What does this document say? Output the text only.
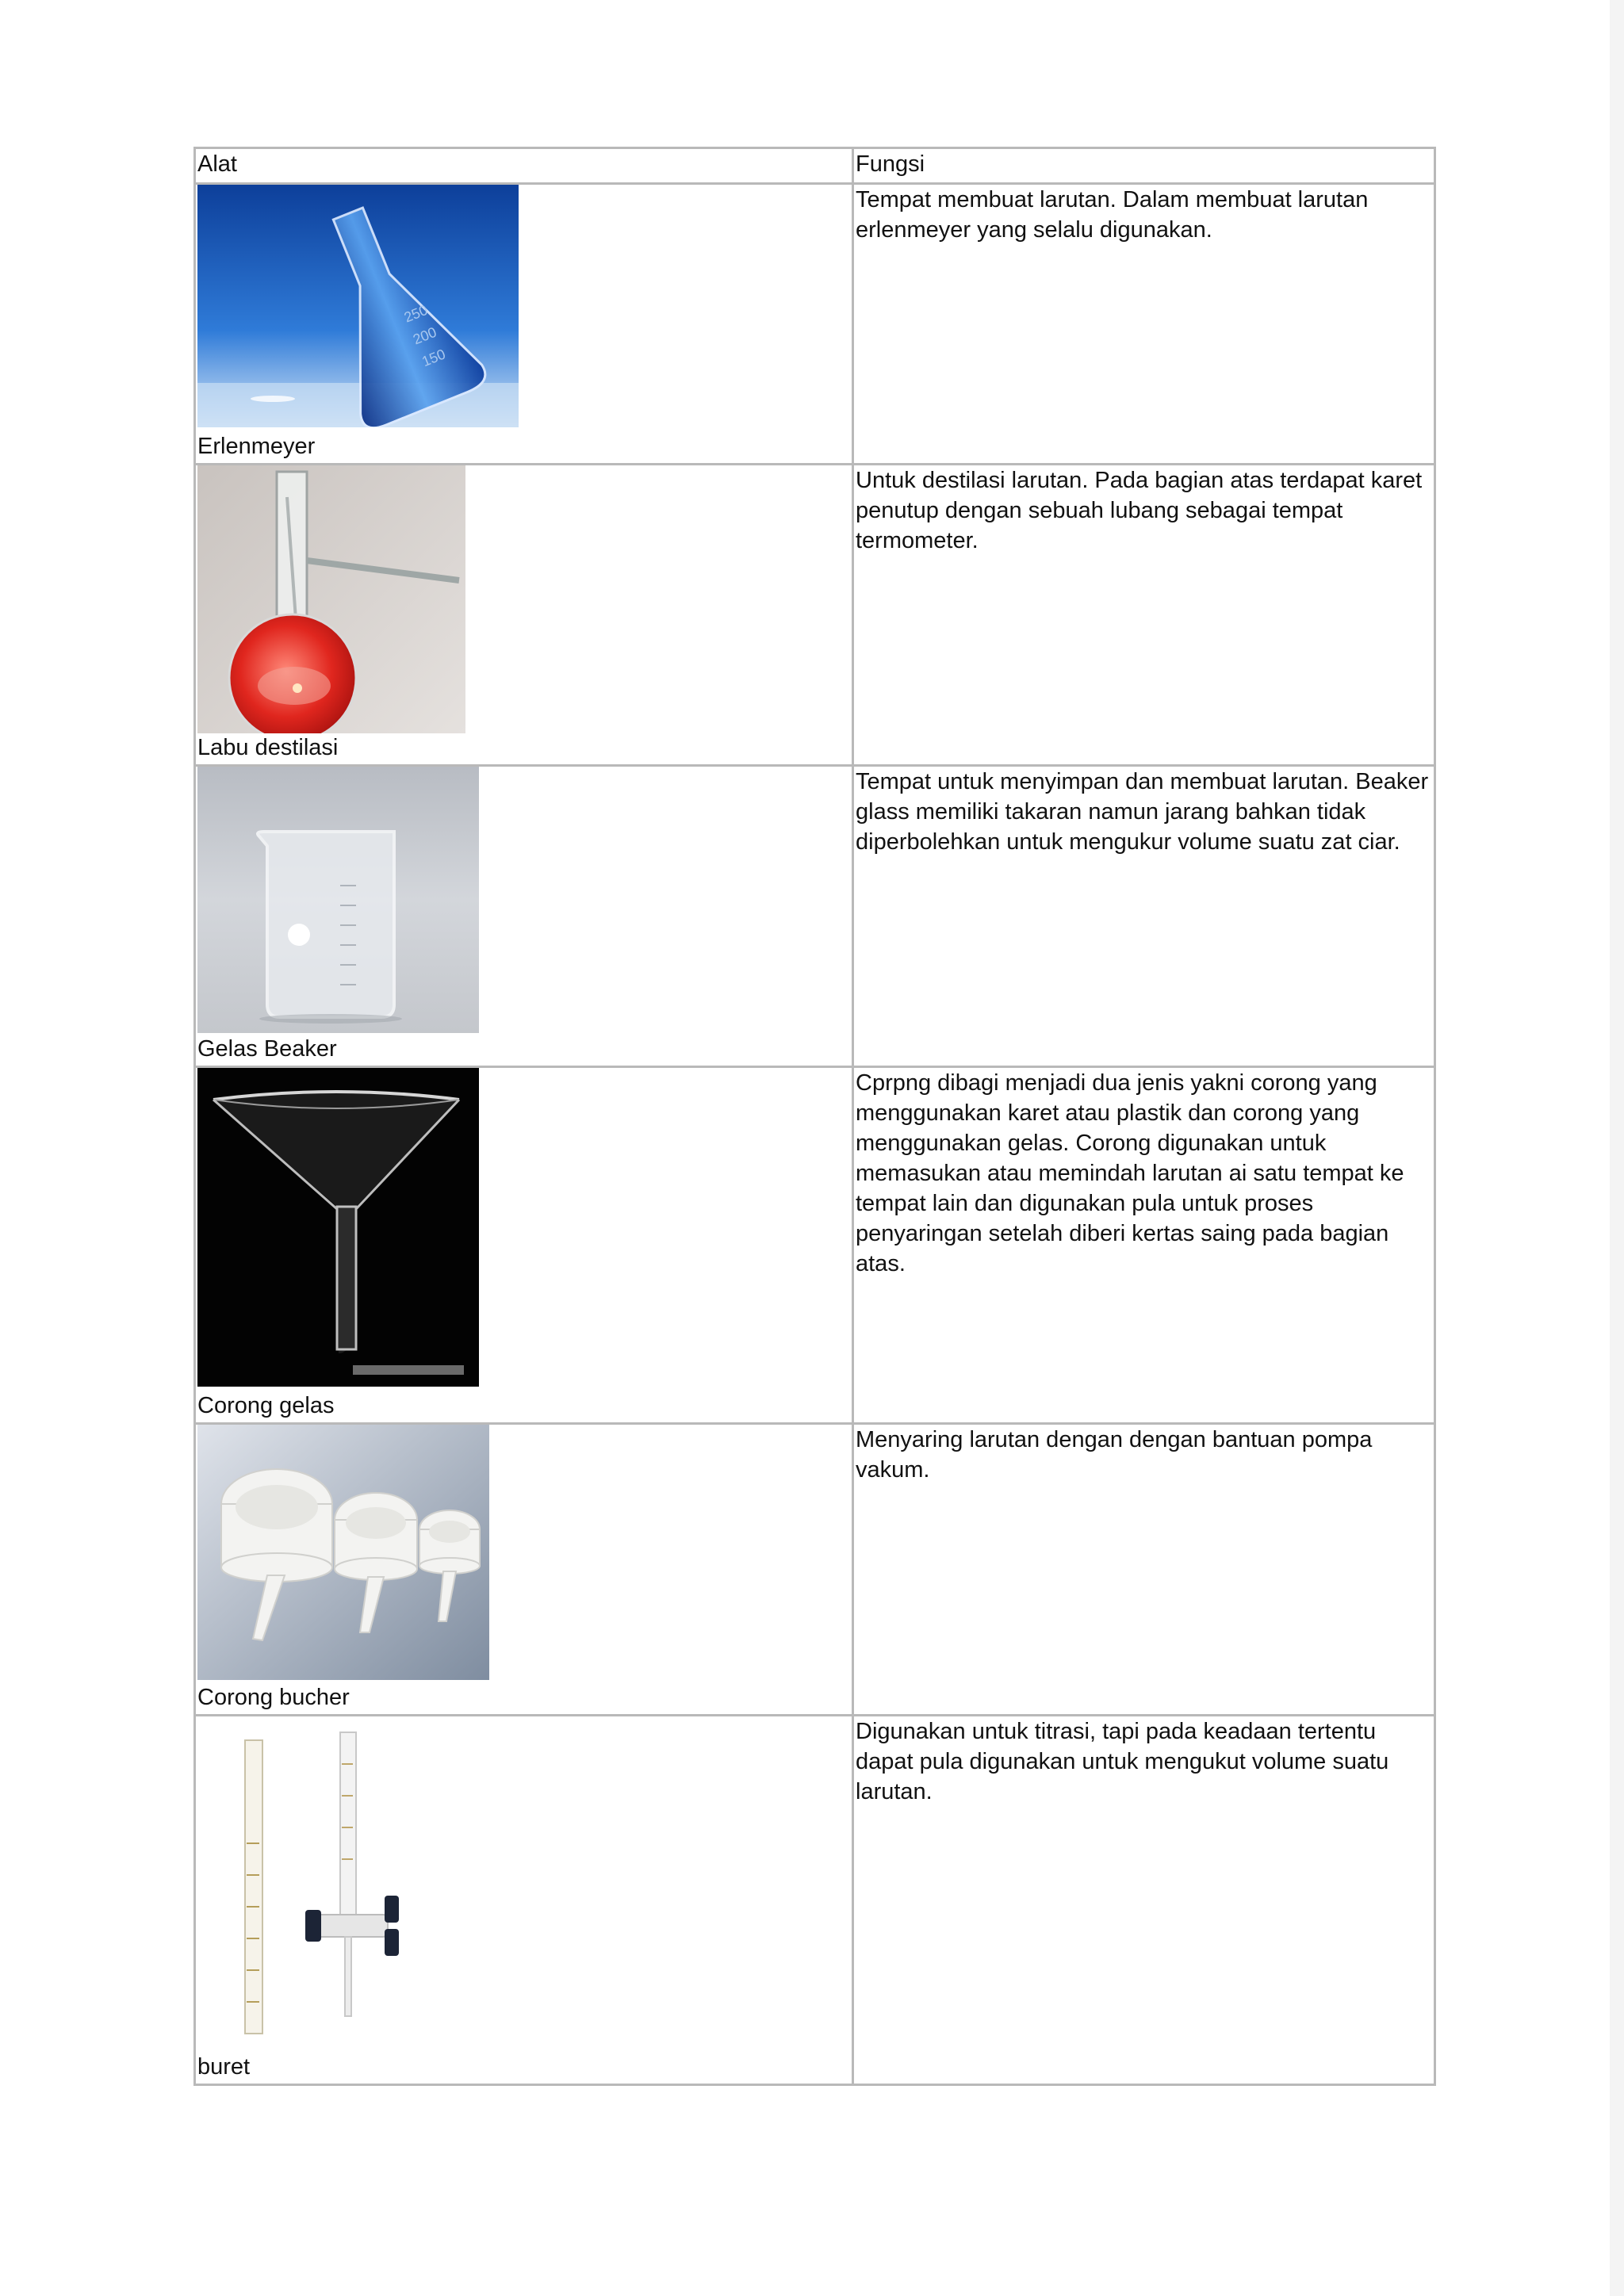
Alat	Fungsi

250
200
150
Erlenmeyer	Tempat membuat larutan. Dalam membuat larutan erlenmeyer yang selalu digunakan.

Labu destilasi	Untuk destilasi larutan. Pada bagian atas terdapat karet penutup dengan sebuah lubang sebagai tempat termometer.

Gelas Beaker	Tempat untuk menyimpan dan membuat larutan. Beaker glass memiliki takaran namun jarang bahkan tidak diperbolehkan untuk mengukur volume suatu zat ciar.

Corong gelas	Cprpng dibagi menjadi dua jenis yakni corong yang menggunakan karet atau plastik dan corong yang menggunakan gelas. Corong digunakan untuk memasukan atau memindah larutan ai satu tempat ke tempat lain dan digunakan pula untuk proses penyaringan setelah diberi kertas saing pada bagian atas.

Corong bucher	Menyaring larutan dengan dengan bantuan pompa vakum.

buret	Digunakan untuk titrasi, tapi pada keadaan tertentu dapat pula digunakan untuk mengukut volume suatu larutan.
